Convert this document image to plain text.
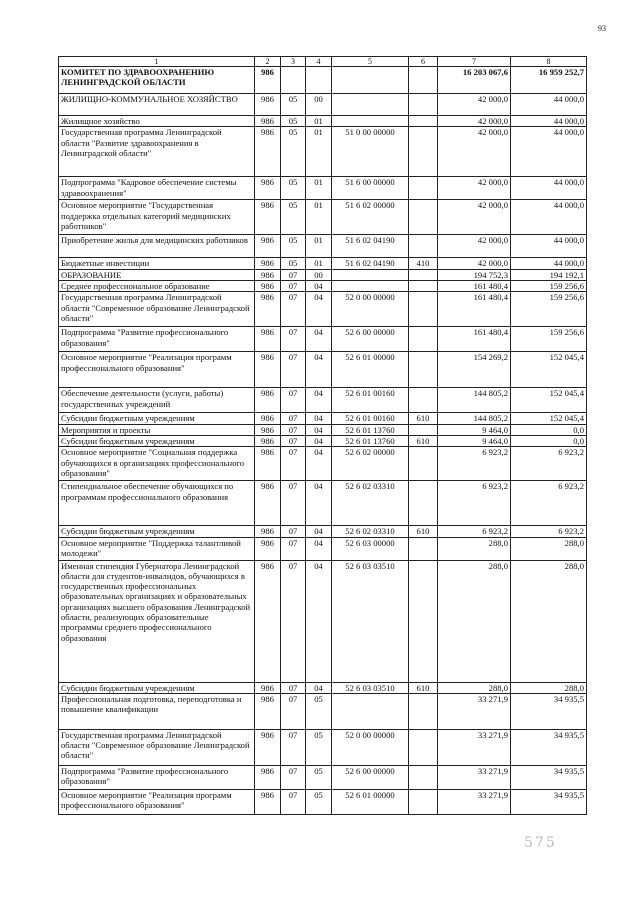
93
1	2	3	4	5	6	7	8
КОМИТЕТ ПО ЗДРАВООХРАНЕНИЮ ЛЕНИНГРАДСКОЙ ОБЛАСТИ	986					16 203 067,6	16 959 252,7
ЖИЛИЩНО-КОММУНАЛЬНОЕ ХОЗЯЙСТВО	986	05	00			42 000,0	44 000,0
Жилищное хозяйство	986	05	01			42 000,0	44 000,0
Государственная программа Ленинградской области "Развитие здравоохранения в Ленинградской области"	986	05	01	51 0 00 00000		42 000,0	44 000,0
Подпрограмма "Кадровое обеспечение системы здравоохранения"	986	05	01	51 6 00 00000		42 000,0	44 000,0
Основное мероприятие "Государственная поддержка отдельных категорий медицинских работников"	986	05	01	51 6 02 00000		42 000,0	44 000,0
Приобретение жилья для медицинских работников	986	05	01	51 6 02 04190		42 000,0	44 000,0
Бюджетные инвестиции	986	05	01	51 6 02 04190	410	42 000,0	44 000,0
ОБРАЗОВАНИЕ	986	07	00			194 752,3	194 192,1
Среднее профессиональное образование	986	07	04			161 480,4	159 256,6
Государственная программа Ленинградской области "Современное образование Ленинградской области"	986	07	04	52 0 00 00000		161 480,4	159 256,6
Подпрограмма "Развитие профессионального образования"	986	07	04	52 6 00 00000		161 480,4	159 256,6
Основное мероприятие "Реализация программ профессионального образования"	986	07	04	52 6 01 00000		154 269,2	152 045,4
Обеспечение деятельности (услуги, работы) государственных учреждений	986	07	04	52 6 01 00160		144 805,2	152 045,4
Субсидии бюджетным учреждениям	986	07	04	52 6 01 00160	610	144 805,2	152 045,4
Мероприятия и проекты	986	07	04	52 6 01 13760		9 464,0	0,0
Субсидии бюджетным учреждениям	986	07	04	52 6 01 13760	610	9 464,0	0,0
Основное мероприятие "Социальная поддержка обучающихся в организациях профессионального образования"	986	07	04	52 6 02 00000		6 923,2	6 923,2
Стипендиальное обеспечение обучающихся по программам профессионального образования	986	07	04	52 6 02 03310		6 923,2	6 923,2
Субсидии бюджетным учреждениям	986	07	04	52 6 02 03310	610	6 923,2	6 923,2
Основное мероприятие "Поддержка талантливой молодежи"	986	07	04	52 6 03 00000		288,0	288,0
Именная стипендия Губернатора Ленинградской области для студентов-инвалидов, обучающихся в государственных профессиональных образовательных организациях и образовательных организациях высшего образования Ленинградской области, реализующих образовательные программы среднего профессионального образования	986	07	04	52 6 03 03510		288,0	288,0
Субсидии бюджетным учреждениям	986	07	04	52 6 03 03510	610	288,0	288,0
Профессиональная подготовка, переподготовка и повышение квалификации	986	07	05			33 271,9	34 935,5
Государственная программа Ленинградской области "Современное образование Ленинградской области"	986	07	05	52 0 00 00000		33 271,9	34 935,5
Подпрограмма "Развитие профессионального образования"	986	07	05	52 6 00 00000		33 271,9	34 935,5
Основное мероприятие "Реализация программ профессионального образования"	986	07	05	52 6 01 00000		33 271,9	34 935,5
575
